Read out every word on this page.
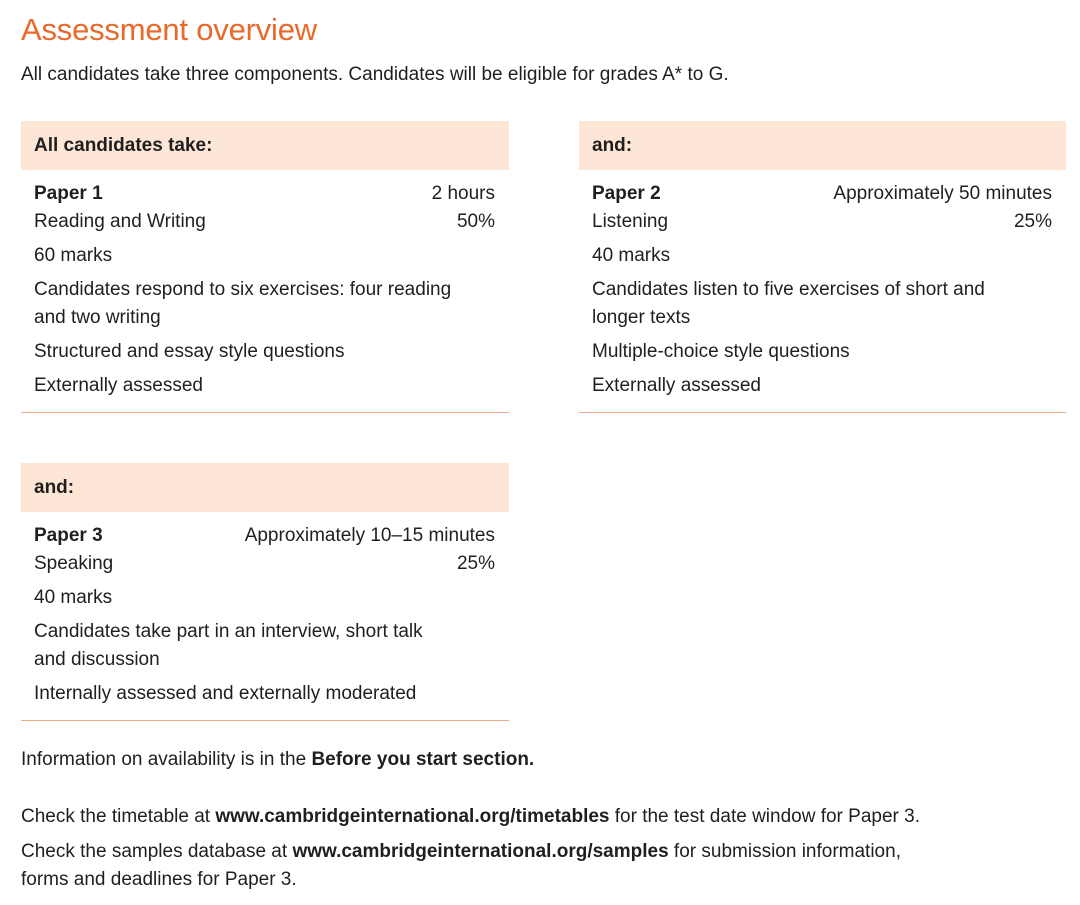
Assessment overview
All candidates take three components. Candidates will be eligible for grades A* to G.
All candidates take:
Paper 1	2 hours
Reading and Writing	50%
60 marks
Candidates respond to six exercises: four reading
and two writing
Structured and essay style questions
Externally assessed
and:
Paper 2	Approximately 50 minutes
Listening	25%
40 marks
Candidates listen to five exercises of short and
longer texts
Multiple-choice style questions
Externally assessed
and:
Paper 3	Approximately 10–15 minutes
Speaking	25%
40 marks
Candidates take part in an interview, short talk
and discussion
Internally assessed and externally moderated
Information on availability is in the Before you start section.
Check the timetable at www.cambridgeinternational.org/timetables for the test date window for Paper 3.
Check the samples database at www.cambridgeinternational.org/samples for submission information,
forms and deadlines for Paper 3.
